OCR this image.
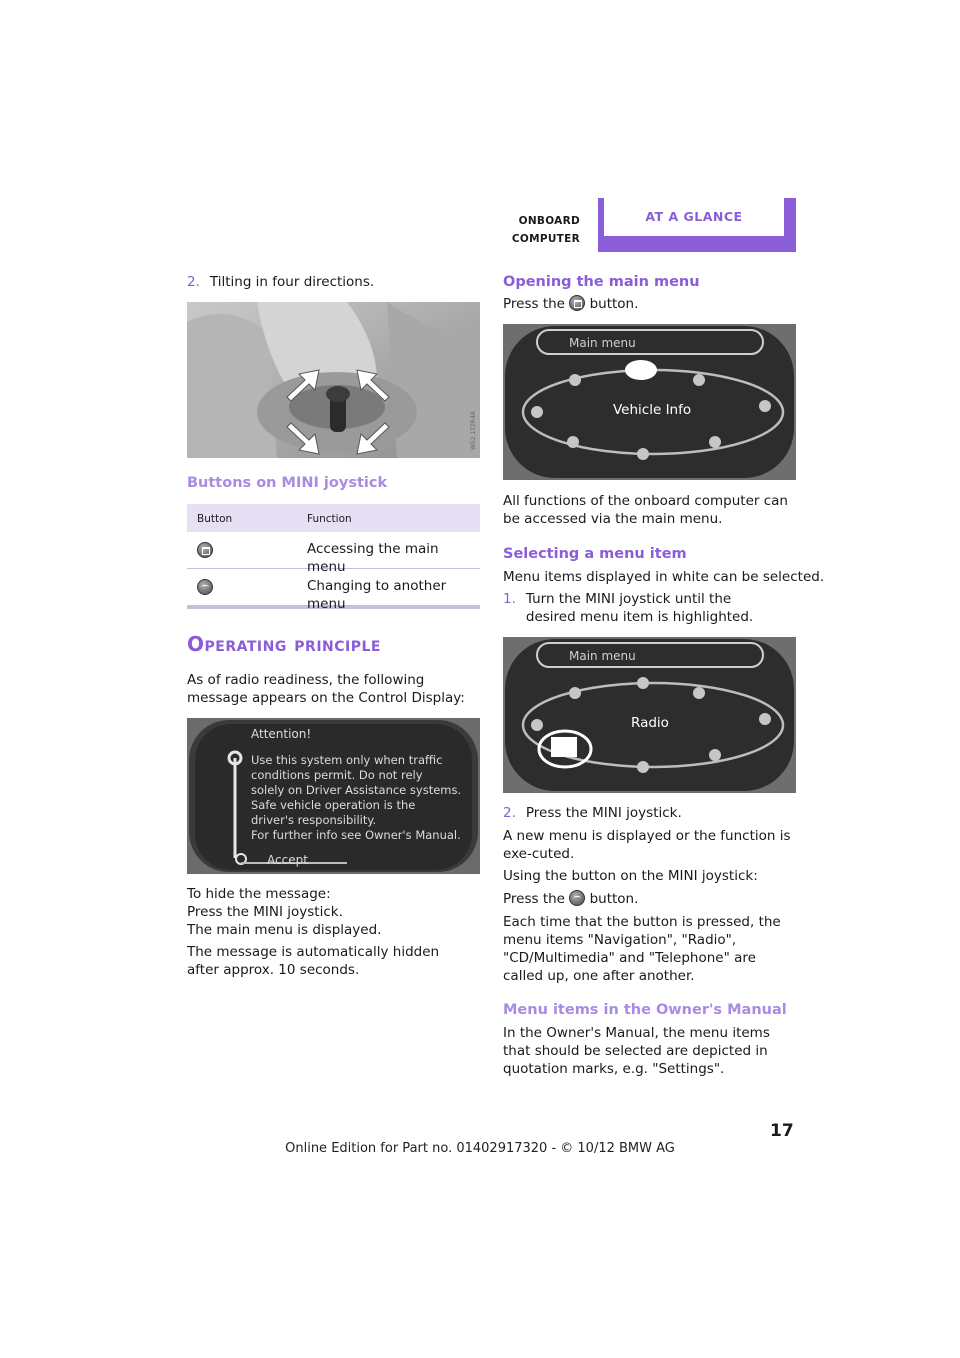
ONBOARD COMPUTER
AT A GLANCE
2. Tilting in four directions.
WS2 1T2R4A
Buttons on MINI joystick
Button	Function
Accessing the main menu
Changing to another menu
Operating principle
As of radio readiness, the following message appears on the Control Display:
Attention!
Use this system only when traffic
conditions permit. Do not rely
solely on Driver Assistance systems.
Safe vehicle operation is the
driver's responsibility.
For further info see Owner's Manual.
Accept
To hide the message:
Press the MINI joystick.
The main menu is displayed.
The message is automatically hidden after approx. 10 seconds.
Opening the main menu
Press the button.
Main menu
Vehicle Info
All functions of the onboard computer can be accessed via the main menu.
Selecting a menu item
Menu items displayed in white can be selected.
1. Turn the MINI joystick until the desired menu item is highlighted.
Main menu
Radio
2. Press the MINI joystick.
A new menu is displayed or the function is exe-cuted.
Using the button on the MINI joystick:
Press the button.
Each time that the button is pressed, the menu items "Navigation", "Radio", "CD/Multimedia" and "Telephone" are called up, one after another.
Menu items in the Owner's Manual
In the Owner's Manual, the menu items that should be selected are depicted in quotation marks, e.g. "Settings".
17
Online Edition for Part no. 01402917320 - © 10/12 BMW AG
